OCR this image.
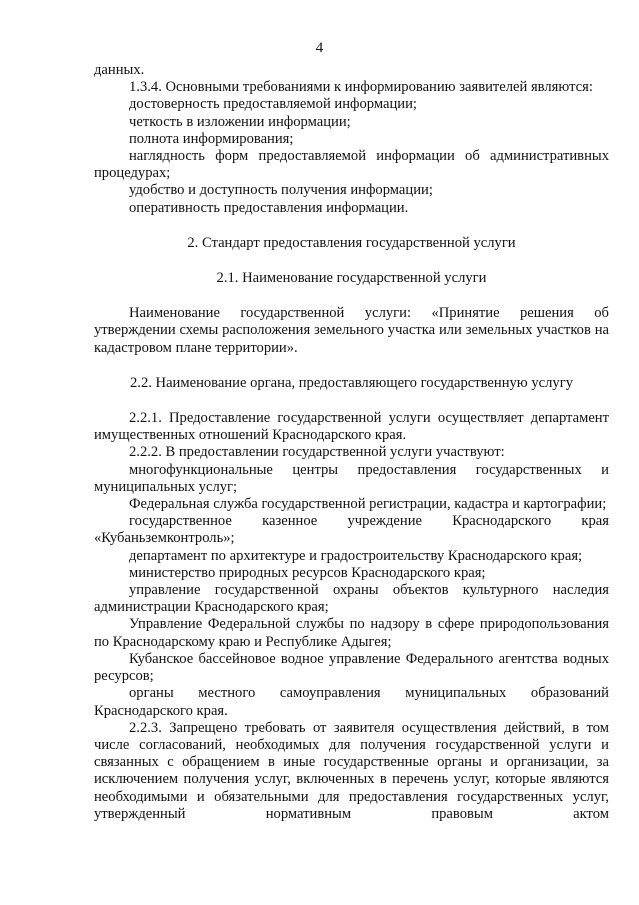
4

данных.

1.3.4. Основными требованиями к информированию заявителей являются:

достоверность предоставляемой информации;

четкость в изложении информации;

полнота информирования;

наглядность форм предоставляемой информации об административных процедурах;

удобство и доступность получения информации;

оперативность предоставления информации.

2. Стандарт предоставления государственной услуги

2.1. Наименование государственной услуги

Наименование государственной услуги: «Принятие решения об утверждении схемы расположения земельного участка или земельных участков на кадастровом плане территории».

2.2. Наименование органа, предоставляющего государственную услугу

2.2.1. Предоставление государственной услуги осуществляет департамент имущественных отношений Краснодарского края.

2.2.2. В предоставлении государственной услуги участвуют:

многофункциональные центры предоставления государственных и муниципальных услуг;

Федеральная служба государственной регистрации, кадастра и картографии;

государственное казенное учреждение Краснодарского края «Кубаньземконтроль»;

департамент по архитектуре и градостроительству Краснодарского края;

министерство природных ресурсов Краснодарского края;

управление государственной охраны объектов культурного наследия администрации Краснодарского края;

Управление Федеральной службы по надзору в сфере природопользования по Краснодарскому краю и Республике Адыгея;

Кубанское бассейновое водное управление Федерального агентства водных ресурсов;

органы местного самоуправления муниципальных образований Краснодарского края.

2.2.3. Запрещено требовать от заявителя осуществления действий, в том числе согласований, необходимых для получения государственной услуги и связанных с обращением в иные государственные органы и организации, за исключением получения услуг, включенных в перечень услуг, которые являются необходимыми и обязательными для предоставления государственных услуг, утвержденный нормативным правовым актом
